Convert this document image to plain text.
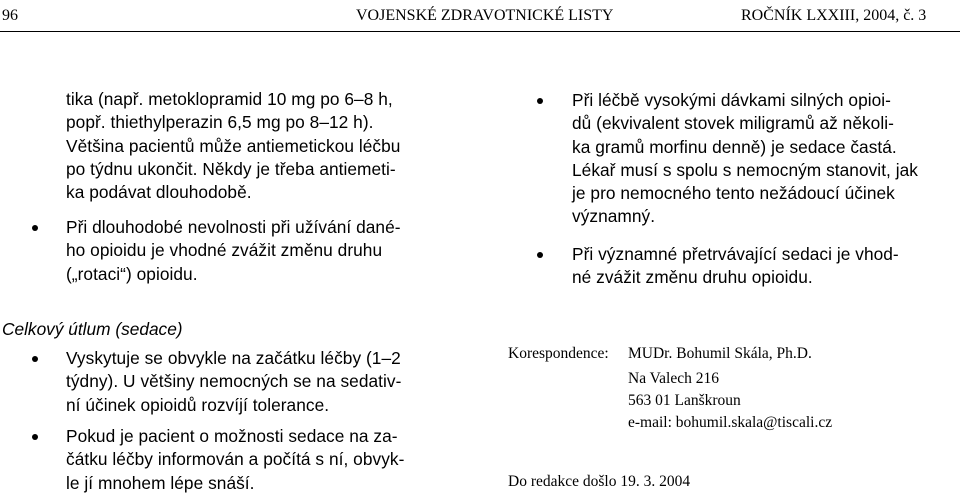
96	VOJENSKÉ ZDRAVOTNICKÉ LISTY	ROČNÍK LXXIII, 2004, č. 3
tika (např. metoklopramid 10 mg po 6–8 h,
popř. thiethylperazin 6,5 mg po 8–12 h).
Většina pacientů může antiemetickou léčbu
po týdnu ukončit. Někdy je třeba antiemeti-
ka podávat dlouhodobě.
Při dlouhodobé nevolnosti při užívání dané-
ho opioidu je vhodné zvážit změnu druhu
(„rotaci“) opioidu.
Celkový útlum (sedace)
Vyskytuje se obvykle na začátku léčby (1–2
týdny). U většiny nemocných se na sedativ-
ní účinek opioidů rozvíjí tolerance.
Pokud je pacient o možnosti sedace na za-
čátku léčby informován a počítá s ní, obvyk-
le jí mnohem lépe snáší.
Při léčbě vysokými dávkami silných opioi-
dů (ekvivalent stovek miligramů až několi-
ka gramů morfinu denně) je sedace častá.
Lékař musí s spolu s nemocným stanovit, jak
je pro nemocného tento nežádoucí účinek
významný.
Při významné přetrvávající sedaci je vhod-
né zvážit změnu druhu opioidu.
Korespondence: MUDr. Bohumil Skála, Ph.D.
Na Valech 216
563 01 Lanškroun
e-mail: bohumil.skala@tiscali.cz
Do redakce došlo 19. 3. 2004
